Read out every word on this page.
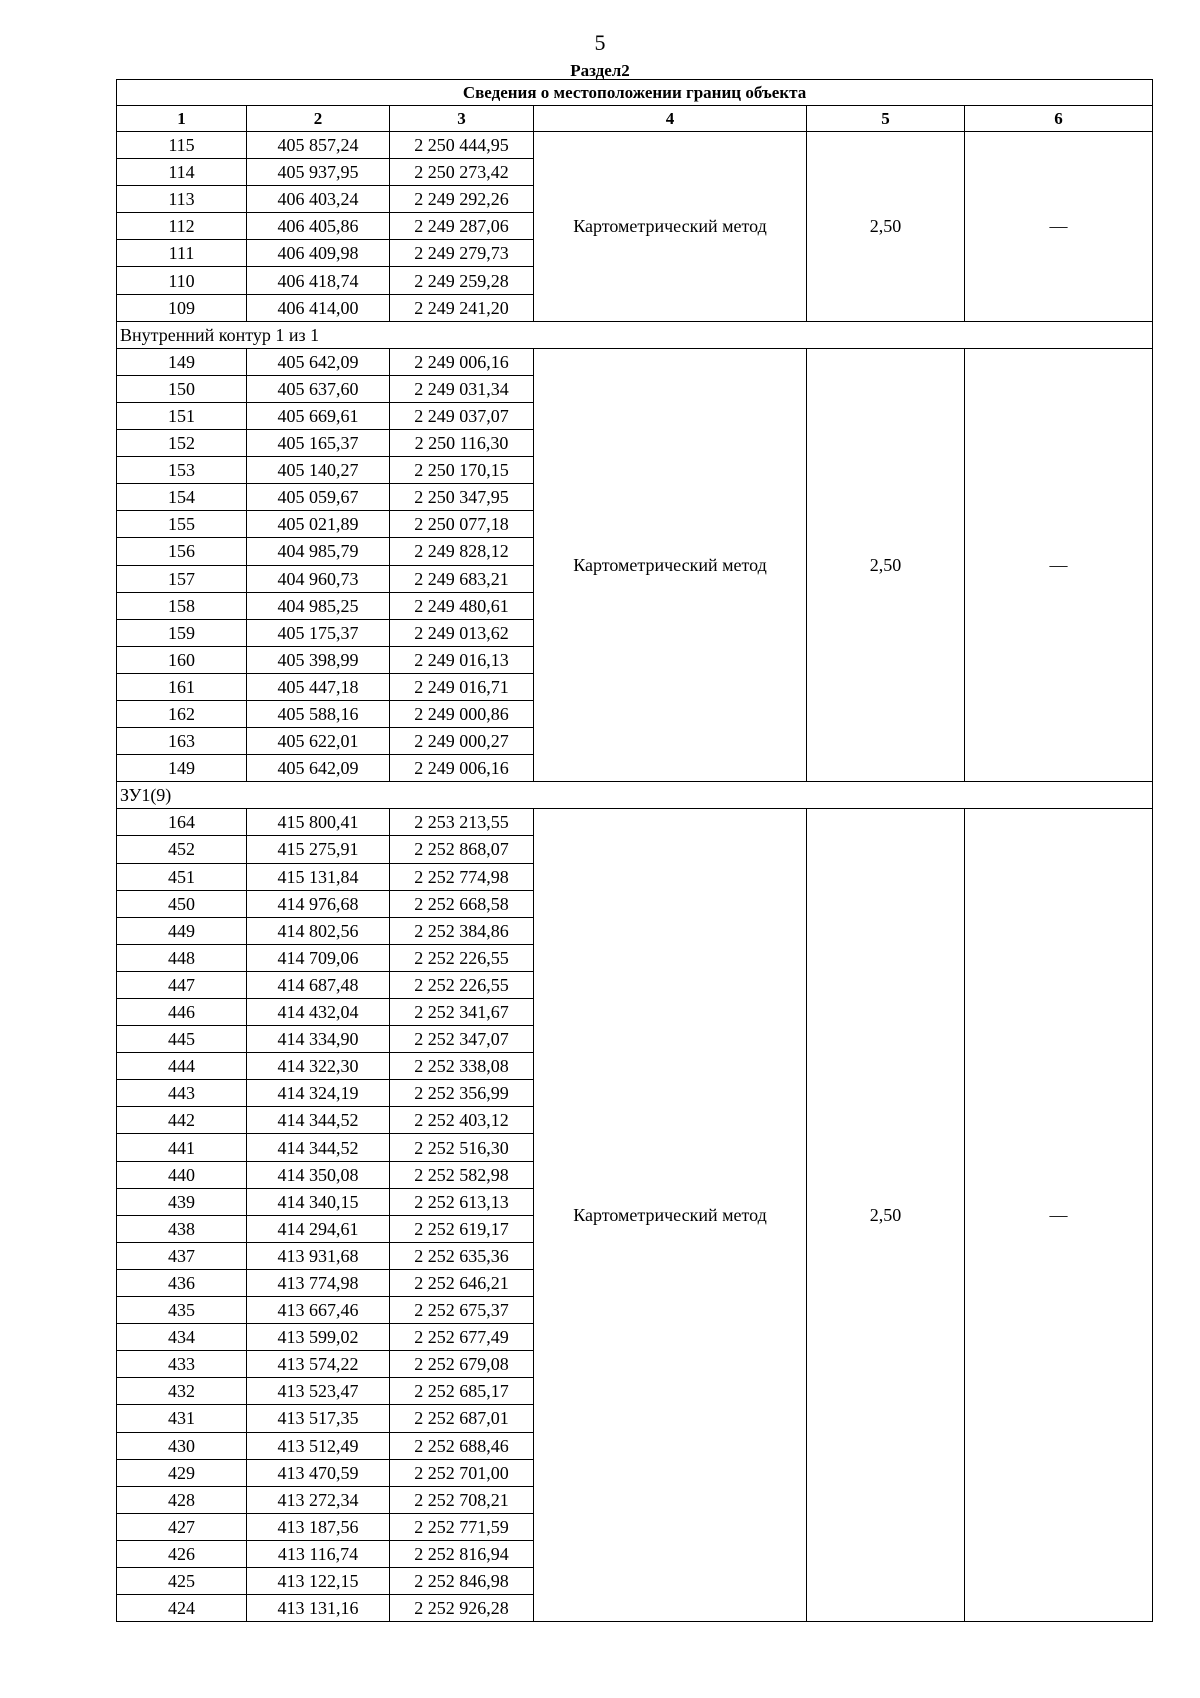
5
Раздел2
Сведения о местоположении границ объекта					
1	2	3	4	5	6
115	405 857,24	2 250 444,95	Картометрический метод	2,50	—
114	405 937,95	2 250 273,42			
113	406 403,24	2 249 292,26			
112	406 405,86	2 249 287,06			
111	406 409,98	2 249 279,73			
110	406 418,74	2 249 259,28			
109	406 414,00	2 249 241,20			
Внутренний контур 1 из 1					
149	405 642,09	2 249 006,16	Картометрический метод	2,50	—
150	405 637,60	2 249 031,34			
151	405 669,61	2 249 037,07			
152	405 165,37	2 250 116,30			
153	405 140,27	2 250 170,15			
154	405 059,67	2 250 347,95			
155	405 021,89	2 250 077,18			
156	404 985,79	2 249 828,12			
157	404 960,73	2 249 683,21			
158	404 985,25	2 249 480,61			
159	405 175,37	2 249 013,62			
160	405 398,99	2 249 016,13			
161	405 447,18	2 249 016,71			
162	405 588,16	2 249 000,86			
163	405 622,01	2 249 000,27			
149	405 642,09	2 249 006,16			
ЗУ1(9)					
164	415 800,41	2 253 213,55	Картометрический метод	2,50	—
452	415 275,91	2 252 868,07			
451	415 131,84	2 252 774,98			
450	414 976,68	2 252 668,58			
449	414 802,56	2 252 384,86			
448	414 709,06	2 252 226,55			
447	414 687,48	2 252 226,55			
446	414 432,04	2 252 341,67			
445	414 334,90	2 252 347,07			
444	414 322,30	2 252 338,08			
443	414 324,19	2 252 356,99			
442	414 344,52	2 252 403,12			
441	414 344,52	2 252 516,30			
440	414 350,08	2 252 582,98			
439	414 340,15	2 252 613,13			
438	414 294,61	2 252 619,17			
437	413 931,68	2 252 635,36			
436	413 774,98	2 252 646,21			
435	413 667,46	2 252 675,37			
434	413 599,02	2 252 677,49			
433	413 574,22	2 252 679,08			
432	413 523,47	2 252 685,17			
431	413 517,35	2 252 687,01			
430	413 512,49	2 252 688,46			
429	413 470,59	2 252 701,00			
428	413 272,34	2 252 708,21			
427	413 187,56	2 252 771,59			
426	413 116,74	2 252 816,94			
425	413 122,15	2 252 846,98			
424	413 131,16	2 252 926,28			
